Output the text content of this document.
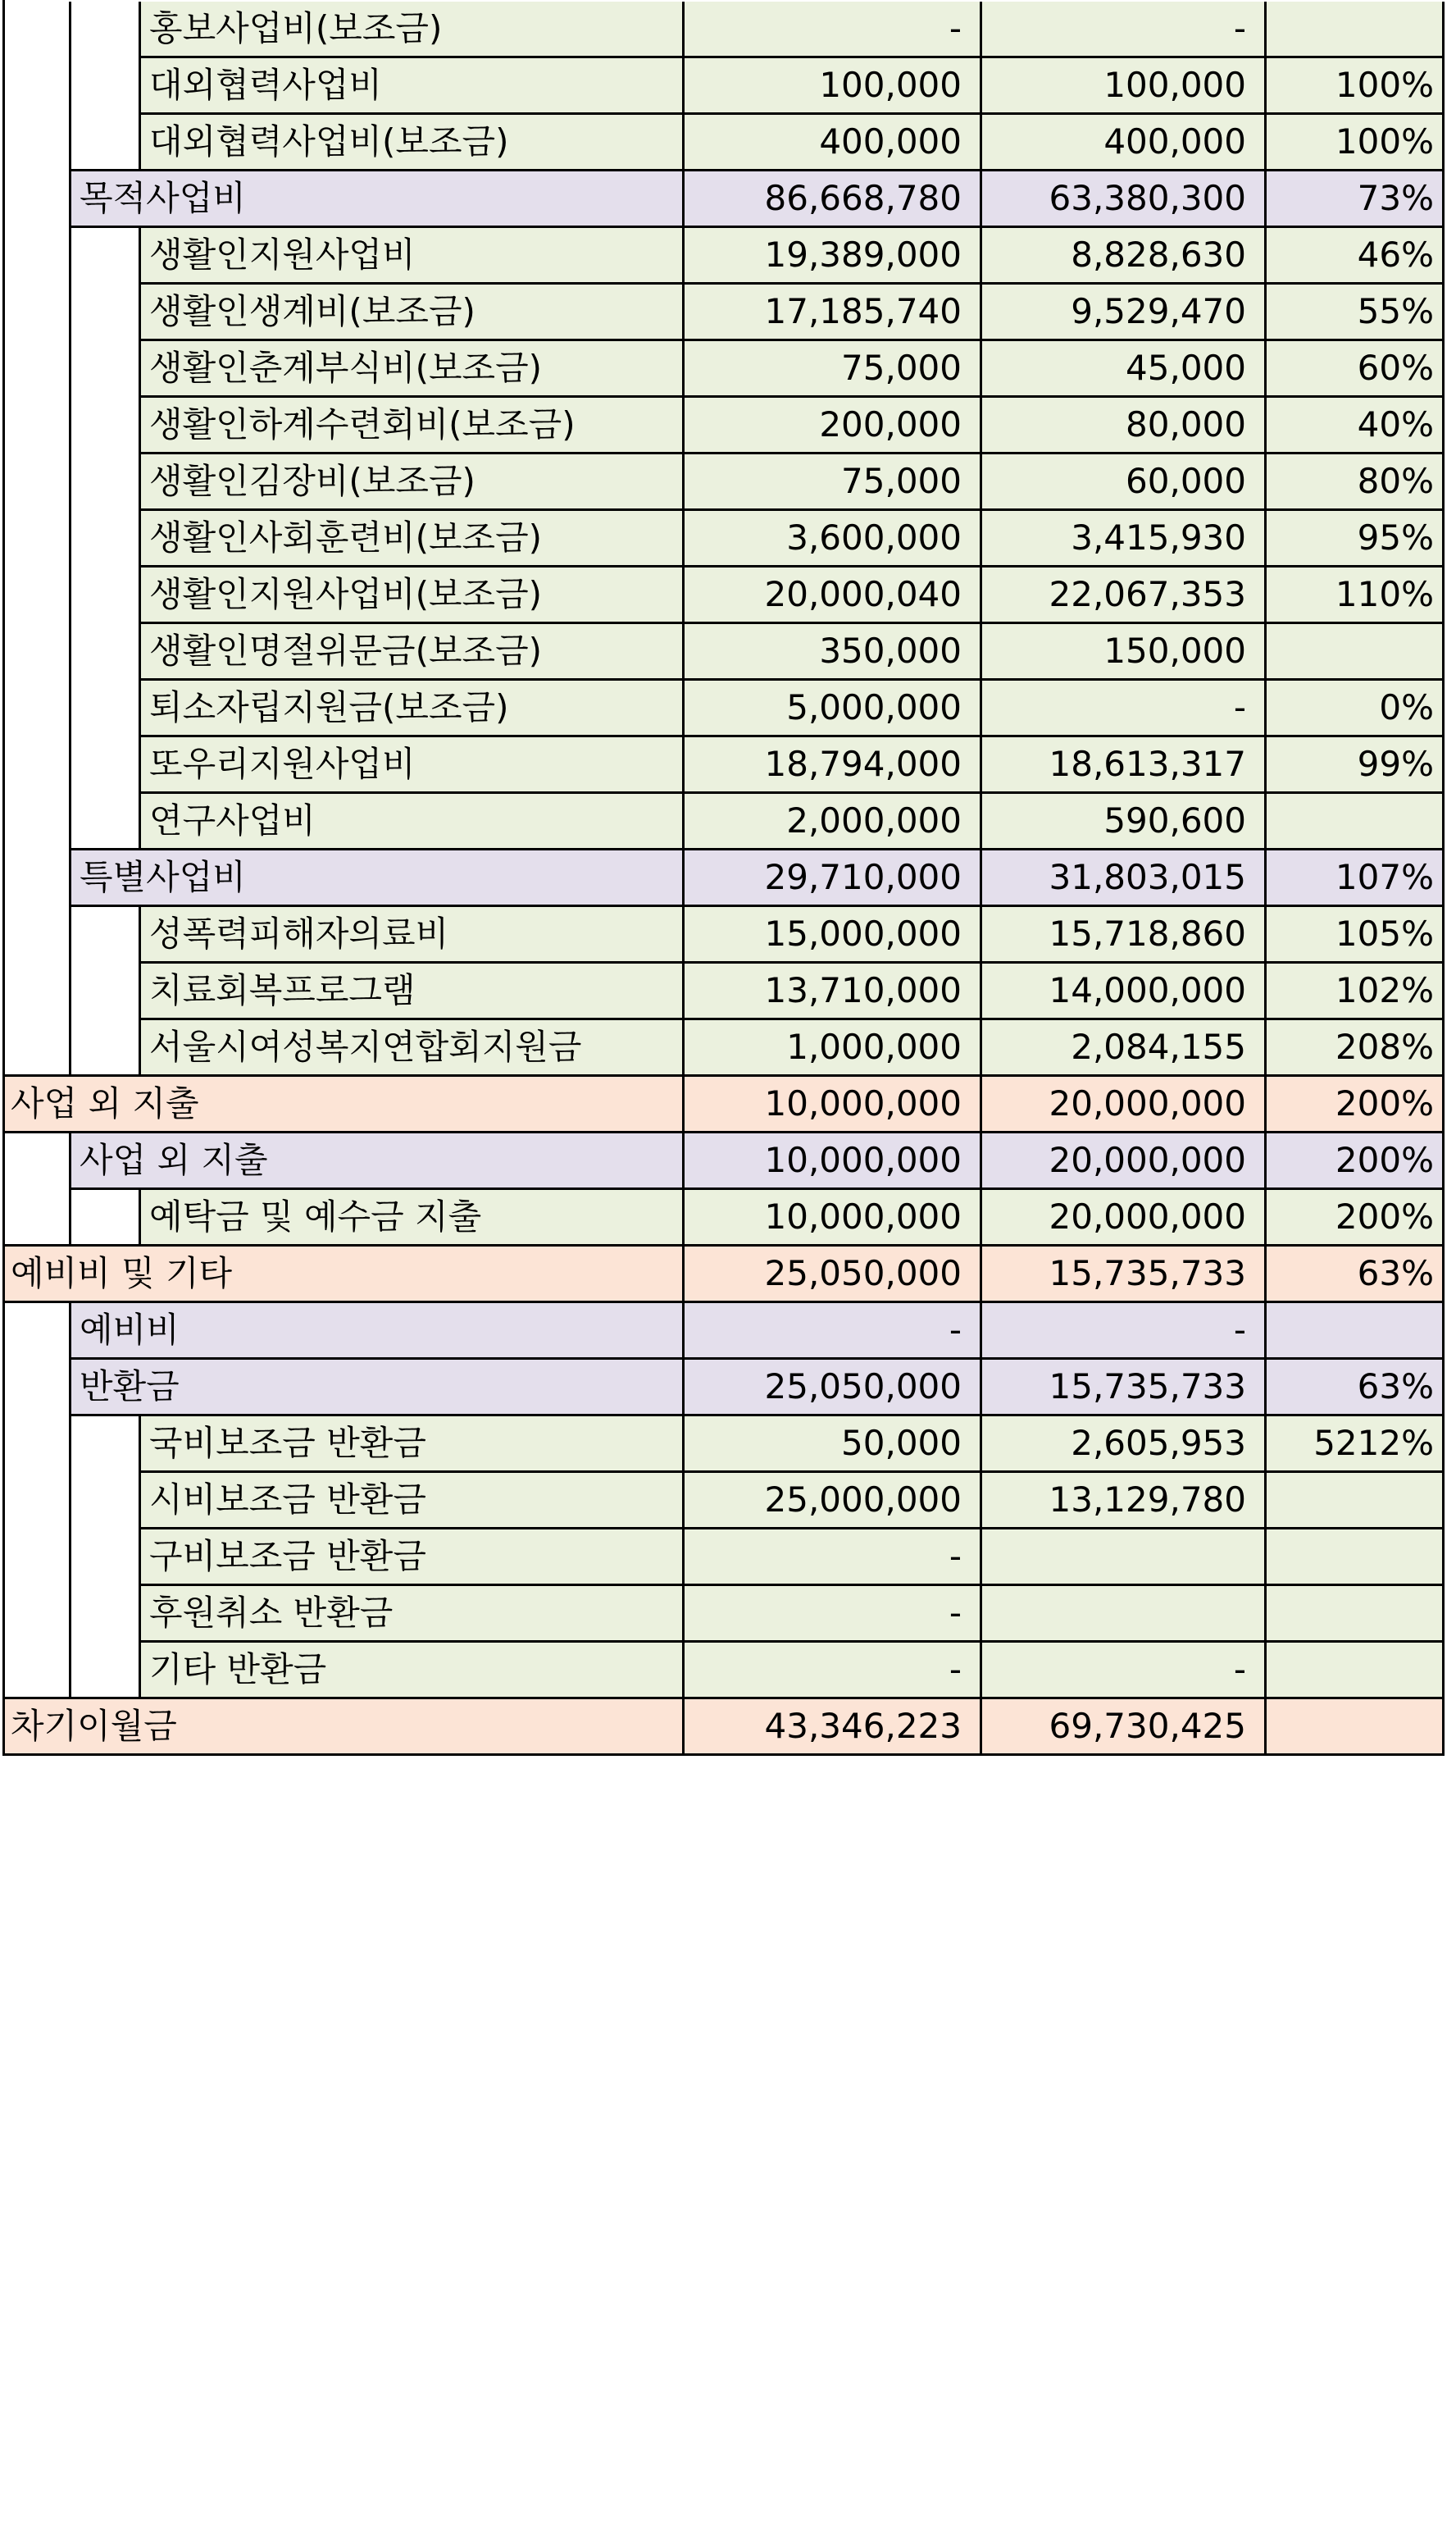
홍보사업비(보조금)	-	-
대외협력사업비	100,000	100,000	100%
대외협력사업비(보조금)	400,000	400,000	100%
목적사업비	86,668,780	63,380,300	73%
생활인지원사업비	19,389,000	8,828,630	46%
생활인생계비(보조금)	17,185,740	9,529,470	55%
생활인춘계부식비(보조금)	75,000	45,000	60%
생활인하계수련회비(보조금)	200,000	80,000	40%
생활인김장비(보조금)	75,000	60,000	80%
생활인사회훈련비(보조금)	3,600,000	3,415,930	95%
생활인지원사업비(보조금)	20,000,040	22,067,353	110%
생활인명절위문금(보조금)	350,000	150,000
퇴소자립지원금(보조금)	5,000,000	-	0%
또우리지원사업비	18,794,000	18,613,317	99%
연구사업비	2,000,000	590,600
특별사업비	29,710,000	31,803,015	107%
성폭력피해자의료비	15,000,000	15,718,860	105%
치료회복프로그램	13,710,000	14,000,000	102%
서울시여성복지연합회지원금	1,000,000	2,084,155	208%
사업 외 지출	10,000,000	20,000,000	200%
사업 외 지출	10,000,000	20,000,000	200%
예탁금 및 예수금 지출	10,000,000	20,000,000	200%
예비비 및 기타	25,050,000	15,735,733	63%
예비비	-	-
반환금	25,050,000	15,735,733	63%
국비보조금 반환금	50,000	2,605,953	5212%
시비보조금 반환금	25,000,000	13,129,780
구비보조금 반환금	-
후원취소 반환금	-
기타 반환금	-	-
차기이월금	43,346,223	69,730,425
